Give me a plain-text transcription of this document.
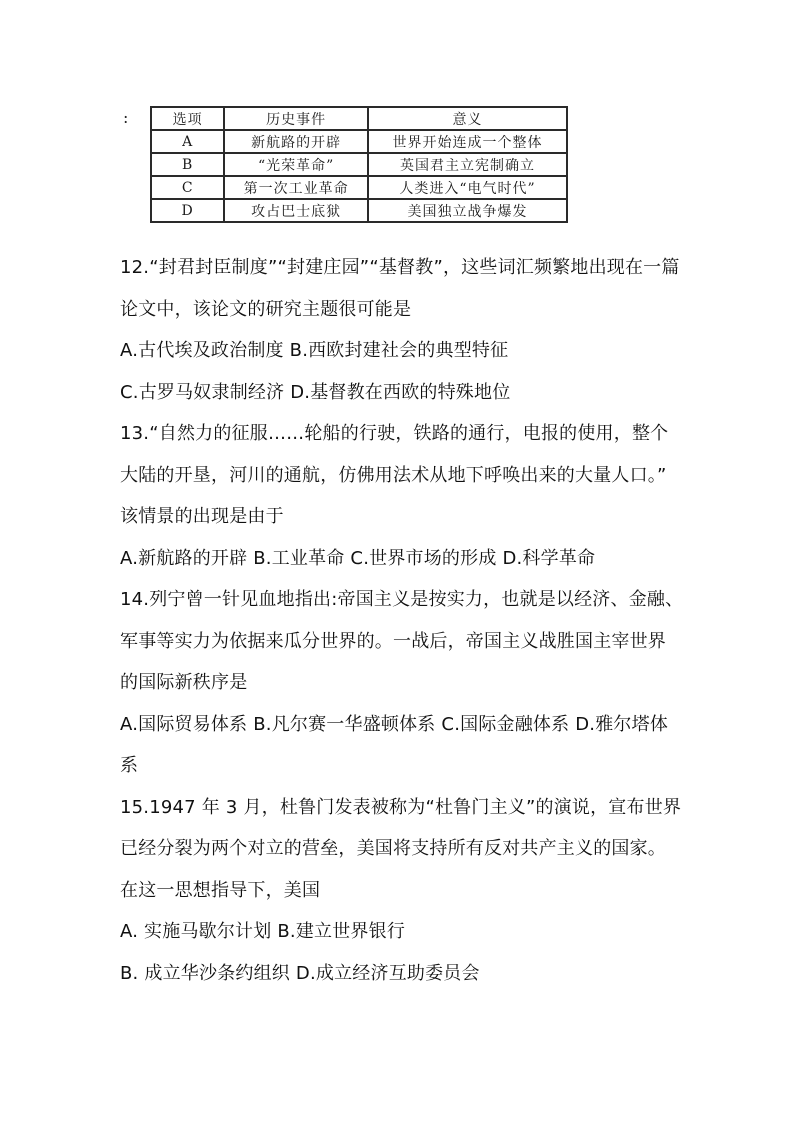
:	选项	历史事件	意义
A	新航路的开辟	世界开始连成一个整体
B	“光荣革命”	英国君主立宪制确立
C	第一次工业革命	人类进入“电气时代”
D	攻占巴士底狱	美国独立战争爆发
12.“封君封臣制度”“封建庄园”“基督教”，这些词汇频繁地出现在一篇
论文中，该论文的研究主题很可能是
A.古代埃及政治制度 B.西欧封建社会的典型特征
C.古罗马奴隶制经济 D.基督教在西欧的特殊地位
13.“自然力的征服……轮船的行驶，铁路的通行，电报的使用，整个
大陆的开垦，河川的通航，仿佛用法术从地下呼唤出来的大量人口。”
该情景的出现是由于
A.新航路的开辟 B.工业革命 C.世界市场的形成 D.科学革命
14.列宁曾一针见血地指出:帝国主义是按实力，也就是以经济、金融、
军事等实力为依据来瓜分世界的。一战后，帝国主义战胜国主宰世界
的国际新秩序是
A.国际贸易体系 B.凡尔赛一华盛顿体系 C.国际金融体系 D.雅尔塔体
系
15.1947 年 3 月，杜鲁门发表被称为“杜鲁门主义”的演说，宣布世界
已经分裂为两个对立的营垒，美国将支持所有反对共产主义的国家。
在这一思想指导下，美国
A. 实施马歇尔计划 B.建立世界银行
B. 成立华沙条约组织 D.成立经济互助委员会
